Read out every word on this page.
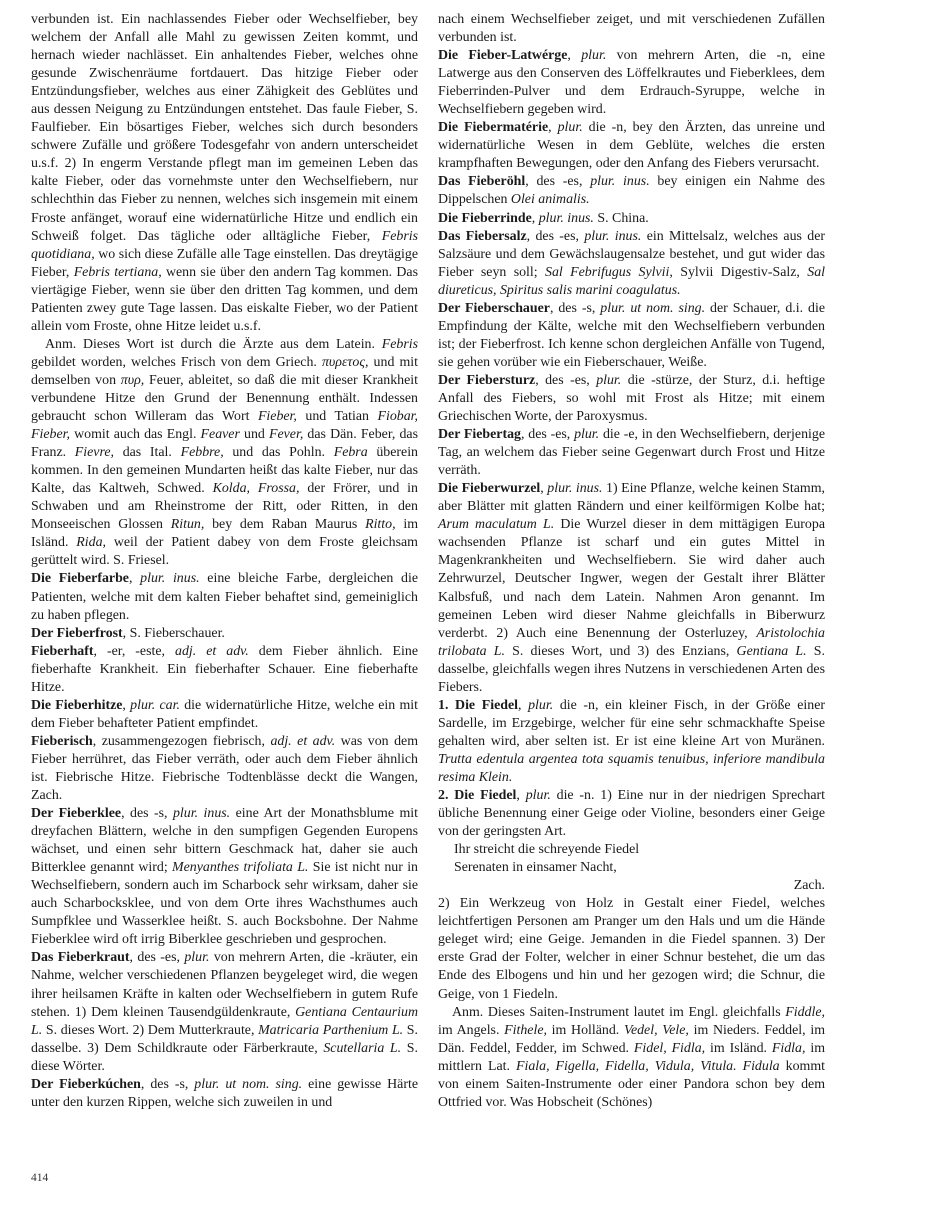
verbunden ist. Ein nachlassendes Fieber oder Wechselfieber, bey welchem der Anfall alle Mahl zu gewissen Zeiten kommt, und hernach wieder nachlässet. Ein anhaltendes Fieber, welches ohne gesunde Zwischenräume fortdauert. Das hitzige Fieber oder Entzündungsfieber, welches aus einer Zähigkeit des Geblütes und aus dessen Neigung zu Entzündungen entstehet. Das faule Fieber, S. Faulfieber. Ein bösartiges Fieber, welches sich durch besonders schwere Zufälle und größere Todesgefahr von andern unterscheidet u.s.f. 2) In engerm Verstande pflegt man im gemeinen Leben das kalte Fieber, oder das vornehmste unter den Wechselfiebern, nur schlechthin das Fieber zu nennen, welches sich insgemein mit einem Froste anfänget, worauf eine widernatürliche Hitze und endlich ein Schweiß folget. Das tägliche oder alltägliche Fieber, Febris quotidiana, wo sich diese Zufälle alle Tage einstellen. Das dreytägige Fieber, Febris tertiana, wenn sie über den andern Tag kommen. Das viertägige Fieber, wenn sie über den dritten Tag kommen, und dem Patienten zwey gute Tage lassen. Das eiskalte Fieber, wo der Patient allein vom Froste, ohne Hitze leidet u.s.f.

Anm. Dieses Wort ist durch die Ärzte aus dem Latein. Febris gebildet worden, welches Frisch von dem Griech. πυρετος, und mit demselben von πυρ, Feuer, ableitet, so daß die mit dieser Krankheit verbundene Hitze den Grund der Benennung enthält. Indessen gebraucht schon Willeram das Wort Fieber, und Tatian Fiobar, Fieber, womit auch das Engl. Feaver und Fever, das Dän. Feber, das Franz. Fievre, das Ital. Febbre, und das Pohln. Febra überein kommen. In den gemeinen Mundarten heißt das kalte Fieber, nur das Kalte, das Kaltweh, Schwed. Kolda, Frossa, der Frörer, und in Schwaben und am Rheinstrome der Ritt, oder Ritten, in den Monseeischen Glossen Ritun, bey dem Raban Maurus Ritto, im Isländ. Rida, weil der Patient dabey von dem Froste gleichsam gerüttelt wird. S. Friesel.

Die Fieberfarbe, plur. inus. eine bleiche Farbe, dergleichen die Patienten, welche mit dem kalten Fieber behaftet sind, gemeiniglich zu haben pflegen.

Der Fieberfrost, S. Fieberschauer.

Fieberhaft, -er, -este, adj. et adv. dem Fieber ähnlich. Eine fieberhafte Krankheit. Ein fieberhafter Schauer. Eine fieberhafte Hitze.

Die Fieberhitze, plur. car. die widernatürliche Hitze, welche ein mit dem Fieber behafteter Patient empfindet.

Fieberisch, zusammengezogen fiebrisch, adj. et adv. was von dem Fieber herrühret, das Fieber verräth, oder auch dem Fieber ähnlich ist. Fiebrische Hitze. Fiebrische Todtenblässe deckt die Wangen, Zach.

Der Fieberklee, des -s, plur. inus. eine Art der Monathsblume mit dreyfachen Blättern, welche in den sumpfigen Gegenden Europens wächset, und einen sehr bittern Geschmack hat, daher sie auch Bitterklee genannt wird; Menyanthes trifoliata L. Sie ist nicht nur in Wechselfiebern, sondern auch im Scharbock sehr wirksam, daher sie auch Scharbocksklee, und von dem Orte ihres Wachsthumes auch Sumpfklee und Wasserklee heißt. S. auch Bocksbohne. Der Nahme Fieberklee wird oft irrig Biberklee geschrieben und gesprochen.

Das Fieberkraut, des -es, plur. von mehrern Arten, die -kräuter, ein Nahme, welcher verschiedenen Pflanzen beygeleget wird, die wegen ihrer heilsamen Kräfte in kalten oder Wechselfiebern in gutem Rufe stehen. 1) Dem kleinen Tausendgüldenkraute, Gentiana Centaurium L. S. dieses Wort. 2) Dem Mutterkraute, Matricaria Parthenium L. S. dasselbe. 3) Dem Schildkraute oder Färberkraute, Scutellaria L. S. diese Wörter.

Der Fieberkúchen, des -s, plur. ut nom. sing. eine gewisse Härte unter den kurzen Rippen, welche sich zuweilen in und

nach einem Wechselfieber zeiget, und mit verschiedenen Zufällen verbunden ist.

Die Fieber-Latwérge, plur. von mehrern Arten, die -n, eine Latwerge aus den Conserven des Löffelkrautes und Fieberklees, dem Fieberrinden-Pulver und dem Erdrauch-Syruppe, welche in Wechselfiebern gegeben wird.

Die Fiebermatérie, plur. die -n, bey den Ärzten, das unreine und widernatürliche Wesen in dem Geblüte, welches die ersten krampfhaften Bewegungen, oder den Anfang des Fiebers verursacht.

Das Fieberöhl, des -es, plur. inus. bey einigen ein Nahme des Dippelschen Olei animalis.

Die Fieberrinde, plur. inus. S. China.

Das Fiebersalz, des -es, plur. inus. ein Mittelsalz, welches aus der Salzsäure und dem Gewächslaugensalze bestehet, und gut wider das Fieber seyn soll; Sal Febrifugus Sylvii, Sylvii Digestiv-Salz, Sal diureticus, Spiritus salis marini coagulatus.

Der Fieberschauer, des -s, plur. ut nom. sing. der Schauer, d.i. die Empfindung der Kälte, welche mit den Wechselfiebern verbunden ist; der Fieberfrost. Ich kenne schon dergleichen Anfälle von Tugend, sie gehen vorüber wie ein Fieberschauer, Weiße.

Der Fiebersturz, des -es, plur. die -stürze, der Sturz, d.i. heftige Anfall des Fiebers, so wohl mit Frost als Hitze; mit einem Griechischen Worte, der Paroxysmus.

Der Fiebertag, des -es, plur. die -e, in den Wechselfiebern, derjenige Tag, an welchem das Fieber seine Gegenwart durch Frost und Hitze verräth.

Die Fieberwurzel, plur. inus. 1) Eine Pflanze, welche keinen Stamm, aber Blätter mit glatten Rändern und einer keilförmigen Kolbe hat; Arum maculatum L. Die Wurzel dieser in dem mittägigen Europa wachsenden Pflanze ist scharf und ein gutes Mittel in Magenkrankheiten und Wechselfiebern. Sie wird daher auch Zehrwurzel, Deutscher Ingwer, wegen der Gestalt ihrer Blätter Kalbsfuß, und nach dem Latein. Nahmen Aron genannt. Im gemeinen Leben wird dieser Nahme gleichfalls in Biberwurz verderbt. 2) Auch eine Benennung der Osterluzey, Aristolochia trilobata L. S. dieses Wort, und 3) des Enzians, Gentiana L. S. dasselbe, gleichfalls wegen ihres Nutzens in verschiedenen Arten des Fiebers.

1. Die Fiedel, plur. die -n, ein kleiner Fisch, in der Größe einer Sardelle, im Erzgebirge, welcher für eine sehr schmackhafte Speise gehalten wird, aber selten ist. Er ist eine kleine Art von Muränen. Trutta edentula argentea tota squamis tenuibus, inferiore mandibula resima Klein.

2. Die Fiedel, plur. die -n. 1) Eine nur in der niedrigen Sprechart übliche Benennung einer Geige oder Violine, besonders einer Geige von der geringsten Art.

Ihr streicht die schreyende Fiedel

Serenaten in einsamer Nacht,

Zach.

2) Ein Werkzeug von Holz in Gestalt einer Fiedel, welches leichtfertigen Personen am Pranger um den Hals und um die Hände geleget wird; eine Geige. Jemanden in die Fiedel spannen. 3) Der erste Grad der Folter, welcher in einer Schnur bestehet, die um das Ende des Elbogens und hin und her gezogen wird; die Schnur, die Geige, von 1 Fiedeln.

Anm. Dieses Saiten-Instrument lautet im Engl. gleichfalls Fiddle, im Angels. Fithele, im Holländ. Vedel, Vele, im Nieders. Feddel, im Dän. Feddel, Fedder, im Schwed. Fidel, Fidla, im Isländ. Fidla, im mittlern Lat. Fiala, Figella, Fidella, Vidula, Vitula. Fidula kommt von einem Saiten-Instrumente oder einer Pandora schon bey dem Ottfried vor. Was Hobscheit (Schönes)

414
